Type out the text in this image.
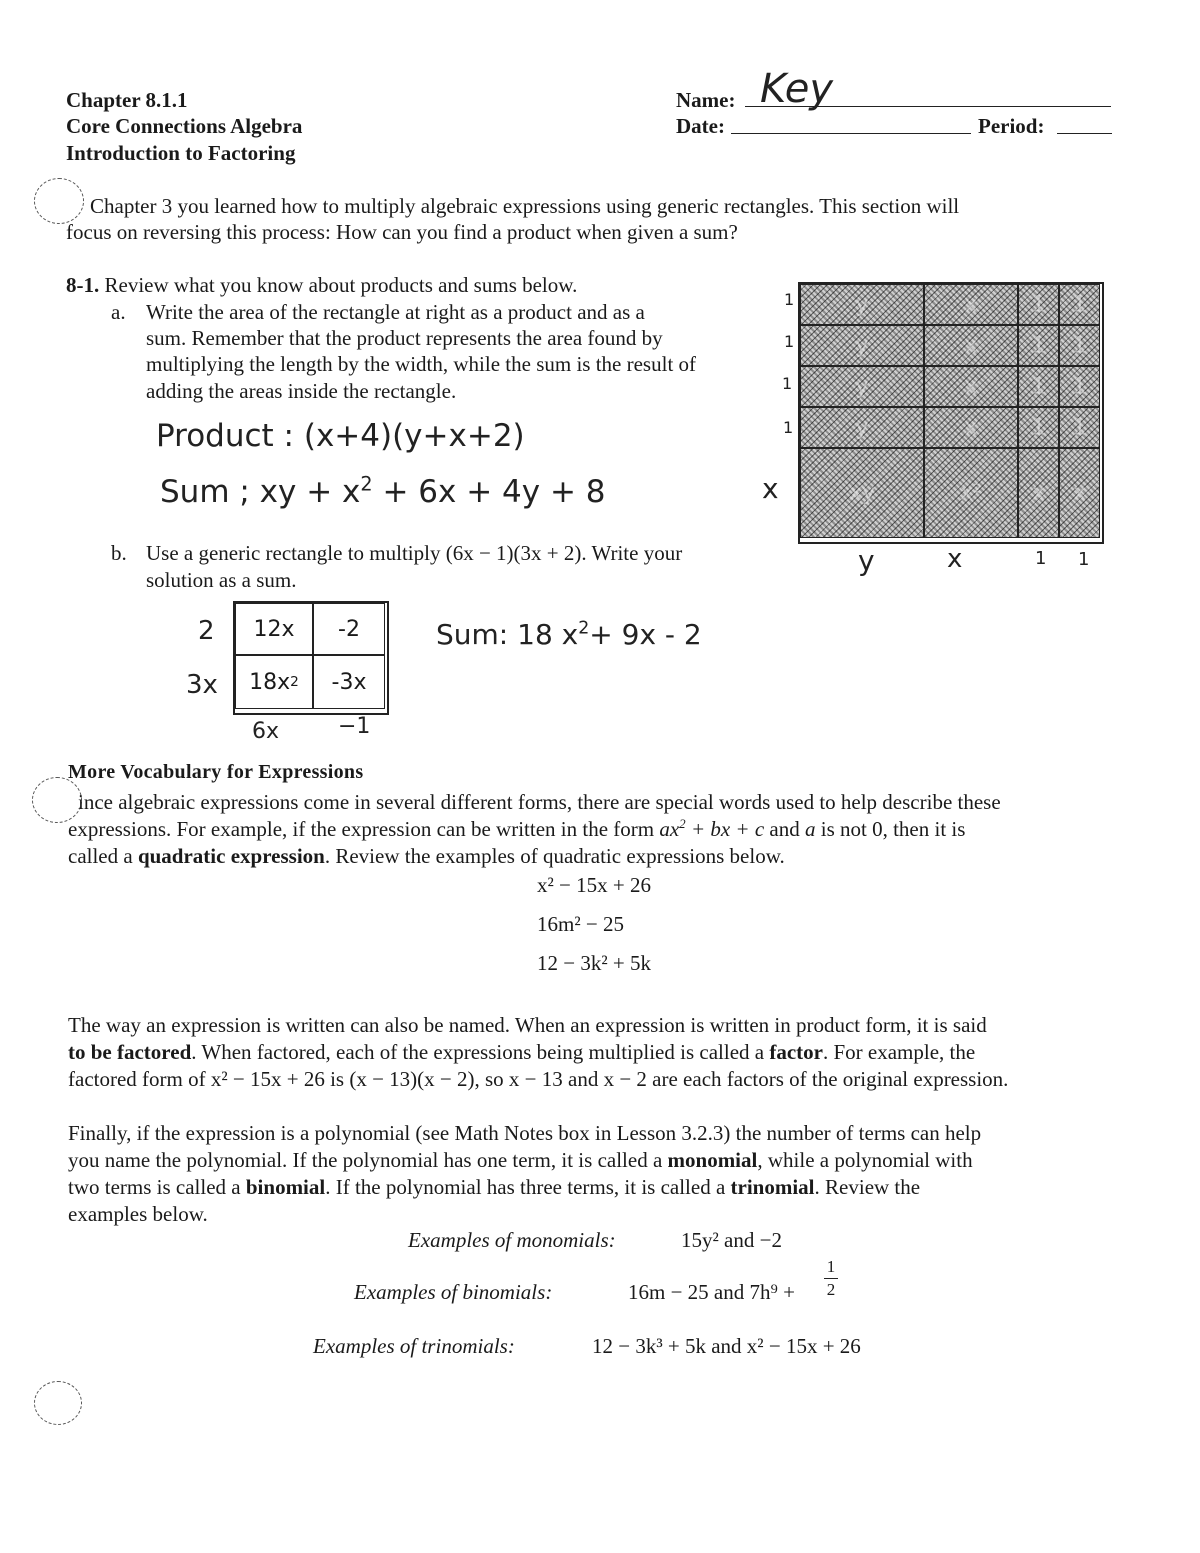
Chapter 8.1.1
Core Connections Algebra
Introduction to Factoring
Name: Key
Date:	Period:
Chapter 3 you learned how to multiply algebraic expressions using generic rectangles. This section will
focus on reversing this process: How can you find a product when given a sum?
8-1. Review what you know about products and sums below.
a. Write the area of the rectangle at right as a product and as a
sum. Remember that the product represents the area found by
multiplying the length by the width, while the sum is the result of
adding the areas inside the rectangle.
Product : (x+4)(y+x+2)
Sum ; xy + $x^2 + 6x + 4y + 8$
1
1
1
1
x
y	x	1	1
y	x	1	1
y	x	1	1
y	x	1	1
xy	x²	x	x
y	x	1 1
b. Use a generic rectangle to multiply (6x − 1)(3x + 2). Write your
solution as a sum.
2
3x
12x	-2
18x 2	-3x
6x	−1
Sum: 18 $x^2+ 9x - 2$
More Vocabulary for Expressions
ince algebraic expressions come in several different forms, there are special words used to help describe these
expressions. For example, if the expression can be written in the form $ax^2$ + bx + c and a is not 0, then it is
called a quadratic expression. Review the examples of quadratic expressions below.
x² − 15x + 26
16m² − 25
12 − 3k² + 5k
The way an expression is written can also be named. When an expression is written in product form, it is said
to be factored. When factored, each of the expressions being multiplied is called a factor. For example, the
factored form of x² − 15x + 26 is (x − 13)(x − 2), so x − 13 and x − 2 are each factors of the original expression.
Finally, if the expression is a polynomial (see Math Notes box in Lesson 3.2.3) the number of terms can help
you name the polynomial. If the polynomial has one term, it is called a monomial, while a polynomial with
two terms is called a binomial. If the polynomial has three terms, it is called a trinomial. Review the
examples below.
Examples of monomials:	15y² and −2
Examples of binomials:	16m − 25 and 7h⁹ +
1
2
Examples of trinomials:	12 − 3k³ + 5k and x² − 15x + 26
